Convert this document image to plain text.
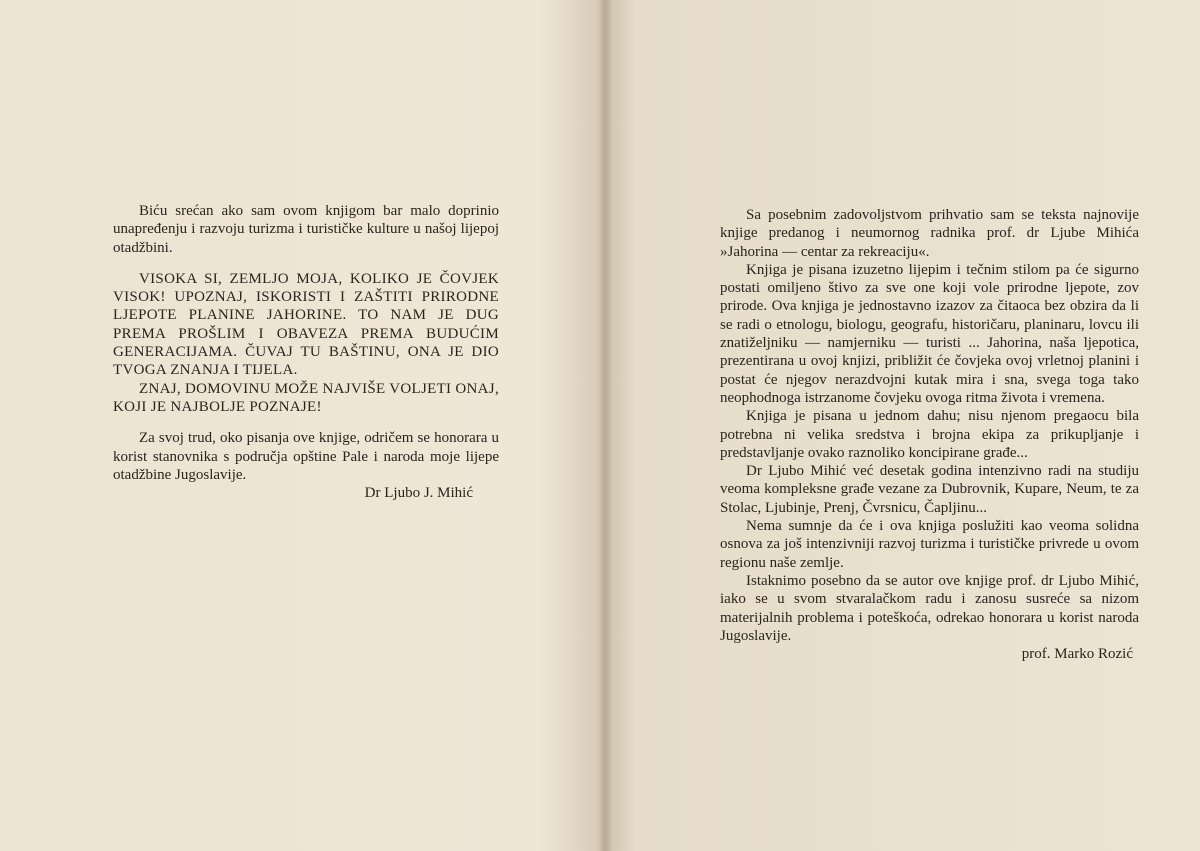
Biću srećan ako sam ovom knjigom bar malo doprinio unapređenju i razvoju turizma i turističke kulture u našoj lijepoj otadžbini.

VISOKA SI, ZEMLJO MOJA, KOLIKO JE ČOVJEK VISOK! UPOZNAJ, ISKORISTI I ZAŠTITI PRIRODNE LJEPOTE PLANINE JAHORINE. TO NAM JE DUG PREMA PROŠLIM I OBAVEZA PREMA BUDUĆIM GENERACIJAMA. ČUVAJ TU BAŠTINU, ONA JE DIO TVOGA ZNANJA I TIJELA.

ZNAJ, DOMOVINU MOŽE NAJVIŠE VOLJETI ONAJ, KOJI JE NAJBOLJE POZNAJE!

Za svoj trud, oko pisanja ove knjige, odričem se honorara u korist stanovnika s područja opštine Pale i naroda moje lijepe otadžbine Jugoslavije.

Dr Ljubo J. Mihić

Sa posebnim zadovoljstvom prihvatio sam se teksta najnovije knjige predanog i neumornog radnika prof. dr Ljube Mihića »Jahorina — centar za rekreaciju«.

Knjiga je pisana izuzetno lijepim i tečnim stilom pa će sigurno postati omiljeno štivo za sve one koji vole prirodne ljepote, zov prirode. Ova knjiga je jednostavno izazov za čitaoca bez obzira da li se radi o etnologu, biologu, geografu, historičaru, planinaru, lovcu ili znatiželjniku — namjerniku — turisti ... Jahorina, naša ljepotica, prezentirana u ovoj knjizi, približit će čovjeka ovoj vrletnoj planini i postat će njegov nerazdvojni kutak mira i sna, svega toga tako neophodnoga istrzanome čovjeku ovoga ritma života i vremena.

Knjiga je pisana u jednom dahu; nisu njenom pregaocu bila potrebna ni velika sredstva i brojna ekipa za prikupljanje i predstavljanje ovako raznoliko koncipirane građe...

Dr Ljubo Mihić već desetak godina intenzivno radi na studiju veoma kompleksne građe vezane za Dubrovnik, Kupare, Neum, te za Stolac, Ljubinje, Prenj, Čvrsnicu, Čapljinu...

Nema sumnje da će i ova knjiga poslužiti kao veoma solidna osnova za još intenzivniji razvoj turizma i turističke privrede u ovom regionu naše zemlje.

Istaknimo posebno da se autor ove knjige prof. dr Ljubo Mihić, iako se u svom stvaralačkom radu i zanosu susreće sa nizom materijalnih problema i poteškoća, odrekao honorara u korist naroda Jugoslavije.

prof. Marko Rozić
